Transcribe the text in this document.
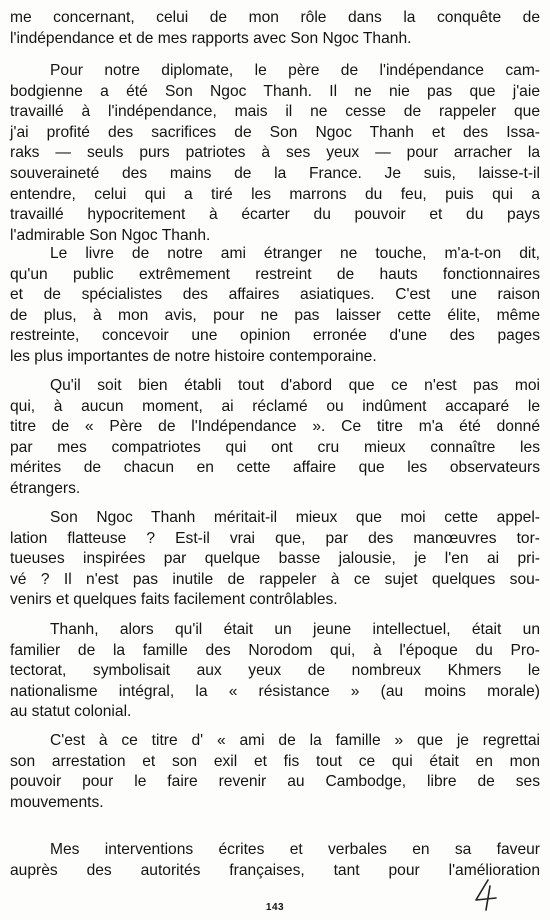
me concernant, celui de mon rôle dans la conquête de
l'indépendance et de mes rapports avec Son Ngoc Thanh.

Pour notre diplomate, le père de l'indépendance cam-
bodgienne a été Son Ngoc Thanh. Il ne nie pas que j'aie
travaillé à l'indépendance, mais il ne cesse de rappeler que
j'ai profité des sacrifices de Son Ngoc Thanh et des Issa-
raks — seuls purs patriotes à ses yeux — pour arracher la
souveraineté des mains de la France. Je suis, laisse-t-il
entendre, celui qui a tiré les marrons du feu, puis qui a
travaillé hypocritement à écarter du pouvoir et du pays
l'admirable Son Ngoc Thanh.

Le livre de notre ami étranger ne touche, m'a-t-on dit,
qu'un public extrêmement restreint de hauts fonctionnaires
et de spécialistes des affaires asiatiques. C'est une raison
de plus, à mon avis, pour ne pas laisser cette élite, même
restreinte, concevoir une opinion erronée d'une des pages
les plus importantes de notre histoire contemporaine.

Qu'il soit bien établi tout d'abord que ce n'est pas moi
qui, à aucun moment, ai réclamé ou indûment accaparé le
titre de « Père de l'Indépendance ». Ce titre m'a été donné
par mes compatriotes qui ont cru mieux connaître les
mérites de chacun en cette affaire que les observateurs
étrangers.

Son Ngoc Thanh méritait-il mieux que moi cette appel-
lation flatteuse ? Est-il vrai que, par des manœuvres tor-
tueuses inspirées par quelque basse jalousie, je l'en ai pri-
vé ? Il n'est pas inutile de rappeler à ce sujet quelques sou-
venirs et quelques faits facilement contrôlables.

Thanh, alors qu'il était un jeune intellectuel, était un
familier de la famille des Norodom qui, à l'époque du Pro-
tectorat, symbolisait aux yeux de nombreux Khmers le
nationalisme intégral, la « résistance » (au moins morale)
au statut colonial.

C'est à ce titre d' « ami de la famille » que je regrettai
son arrestation et son exil et fis tout ce qui était en mon
pouvoir pour le faire revenir au Cambodge, libre de ses
mouvements.

Mes interventions écrites et verbales en sa faveur
auprès des autorités françaises, tant pour l'amélioration

143
